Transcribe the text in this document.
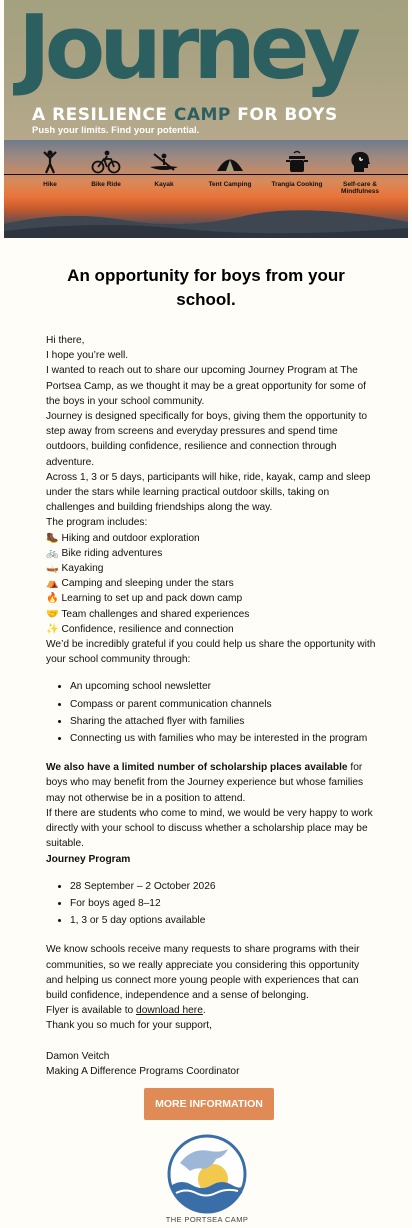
Journey
A RESILIENCE CAMP FOR BOYS
Push your limits. Find your potential.
Hike	Bike Ride	Kayak	Tent Camping	Trangia Cooking	Self-care & Mindfulness
An opportunity for boys from your school.

Hi there,

I hope you’re well.

I wanted to reach out to share our upcoming Journey Program at The Portsea Camp, as we thought it may be a great opportunity for some of the boys in your school community.

Journey is designed specifically for boys, giving them the opportunity to step away from screens and everyday pressures and spend time outdoors, building confidence, resilience and connection through adventure.

Across 1, 3 or 5 days, participants will hike, ride, kayak, camp and sleep under the stars while learning practical outdoor skills, taking on challenges and building friendships along the way.

The program includes:

🥾 Hiking and outdoor exploration

🚲 Bike riding adventures

🛶 Kayaking

⛺ Camping and sleeping under the stars

🔥 Learning to set up and pack down camp

🤝 Team challenges and shared experiences

✨ Confidence, resilience and connection

We’d be incredibly grateful if you could help us share the opportunity with your school community through:

• An upcoming school newsletter
• Compass or parent communication channels
• Sharing the attached flyer with families
• Connecting us with families who may be interested in the program

We also have a limited number of scholarship places available for boys who may benefit from the Journey experience but whose families may not otherwise be in a position to attend.

If there are students who come to mind, we would be very happy to work directly with your school to discuss whether a scholarship place may be suitable.

Journey Program

• 28 September – 2 October 2026
• For boys aged 8–12
• 1, 3 or 5 day options available

We know schools receive many requests to share programs with their communities, so we really appreciate you considering this opportunity and helping us connect more young people with experiences that can build confidence, independence and a sense of belonging.

Flyer is available to download here.

Thank you so much for your support,

Damon Veitch

Making A Difference Programs Coordinator

MORE INFORMATION
THE PORTSEA CAMP
